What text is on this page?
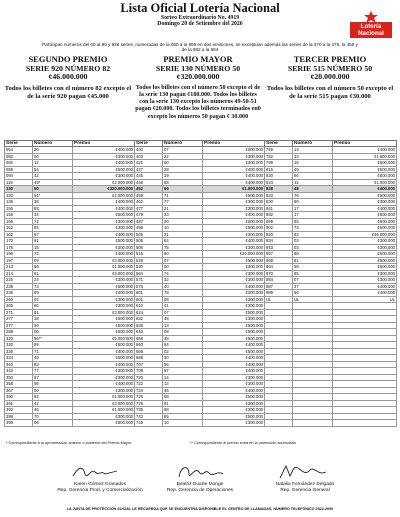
Lista Oficial Lotería Nacional
Sorteo Extraordinario No. 4919
Domingo 20 de Setiembre del 2026	Lotería
Nacional
Participan números del 00 al 99 y 936 series, numeradas de la 050 a la 999 en dos emisiones, se exceptúan además las series de la 370 a la 379, la 458 y de la 682 a la 684
SEGUNDO PREMIO
SERIE 920 NÚMERO 82
¢46.000.000
Todos los billetes con el número 82 excepto el de la serie 920 pagan ¢45.000
PREMIO MAYOR
SERIE 130 NÚMERO 50
¢320.000.000
Todos los billetes con el número 50 excepto el de la serie 130 pagan ¢180.000. Todos los billetes con la serie 130 excepto los números 49-50-51 pagan ¢20.000. Todos los billetes terminados en0 excepto los números 50 pagan ¢ 30.000
TERCER PREMIO
SERIE 515 NÚMERO 50
¢20.000.000
Todos los billetes con el número 50 excepto el de la serie 515 pagan ¢30.000
Serie	Número	Premio	Serie	Número	Premio	Serie	Número	Premio
054	20	¢400.000	400	07	¢300.000	749	13	¢400.000
082	00	¢300.000	403	22	¢300.000	782	33	¢1.500.000
082	12	¢400.000	421	50	¢300.000	799	16	¢500.000
088	54	¢500.000	427	28	¢400.000	815	49	¢500.000
094	42	¢300.000	445	19	¢400.000	820	66	¢500.000
118	49*	¢2.000.000	448	88	¢400.000	823	12	¢1.000.000
130	50	¢320.000.000	452	66	¢1.000.000	828	48	¢400.000
130	51*	¢2.000.000	459	71	¢500.000	833	76	¢500.000
136	38	¢400.000	462	77	¢300.000	830	90	¢300.000
155	93	¢400.000	477	21	¢300.000	841	17	¢400.000
155	34	¢500.000	479	33	¢400.000	892	17	¢500.000
155	72	¢300.000	487	20	¢300.000	898	55	¢500.000
162	94	¢300.000	498	10	¢500.000	902	73	¢500.000
162	67	¢400.000	505	31	¢300.000	920	82	¢46.000.000
170	91	¢500.000	505	64	¢400.000	934	03	¢300.000
175	15	¢300.000	506	75	¢300.000	943	03	¢300.000
196	72	¢400.000	515	50	¢20.000.000	957	60	¢500.000
197	09	¢3.000.000	528	07	¢500.000	958	81	¢500.000
213	86	¢1.000.000	530	00	¢300.000	964	50	¢500.000
214	61	¢3.000.000	564	74	¢300.000	970	85	¢300.000
225	24	¢300.000	571	32	¢300.000	984	07	¢300.000
235	73	¢500.000	578	40	¢400.000	987	37	¢400.000
236	89	¢400.000	601	78	¢300.000	989	56	¢400.000
260	04	¢300.000	601	08	¢300.000	UL	UL	UL
265	66	¢300.000	610	41	¢300.000			
271	81	¢3.000.000	624	07	¢500.000			
277	18	¢500.000	632	48	¢300.000			
277	00	¢500.000	635	13	¢500.000			
288	06	¢500.000	642	08	¢500.000			
320	56**	¢5.000.000	658	38	¢500.000			
320	99	¢500.000	660	84	¢400.000			
326	71	¢400.000	666	02	¢500.000			
334	49	¢500.000	688	30	¢400.000			
340	83	¢400.000	707	95	¢400.000			
342	77	¢300.000	709	57	¢400.000			
350	57	¢300.000	720	14	¢300.000			
358	99	¢400.000	722	12	¢300.000			
367	00	¢300.000	724	46	¢400.000			
390	82	¢1.000.000	726	68	¢500.000			
391	42	¢3.000.000	728	91	¢300.000			
392	46	¢1.000.000	735	88	¢300.000			
398	70	¢300.000	743	85	¢500.000			
399	06	¢500.000	745	10	¢300.000			
* Correspondiente a la aproximación anterior o posterior del Premio Mayor.	** Correspondiente al premio extra en la promoción acumulado
Karen Gómez Granados
Rep. Gerencia Prod. y Comercialización
Beatriz Duarte Monge
Rep. Gerencia de Operaciones
Natalia Fernández Delgado
Rep. Gerencia General
LA JUNTA DE PROTECCIÓN SOCIAL LE RECUERDA QUE SE ENCUENTRA DISPONIBLE EL CENTRO DE LLAMADAS, NÚMERO TELEFÓNICO 2522-2000
